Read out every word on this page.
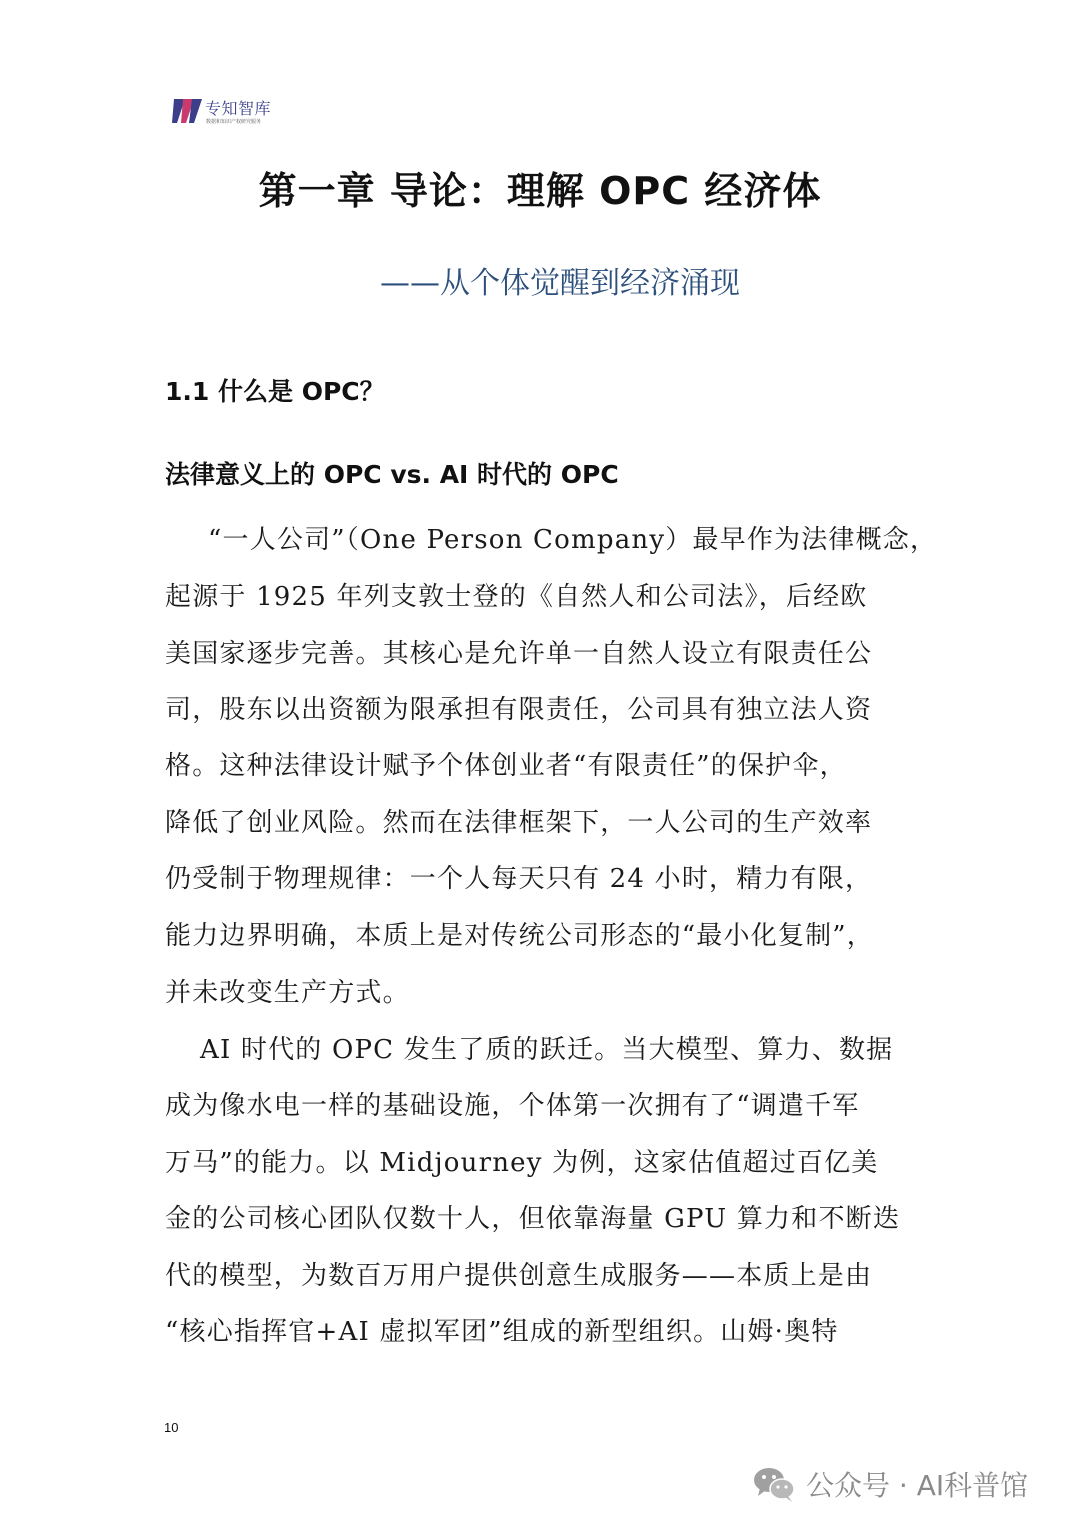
专知智库
数据和知识产权研究服务
第一章 导论：理解 OPC 经济体
——从个体觉醒到经济涌现
1.1 什么是 OPC？
法律意义上的 OPC vs. AI 时代的 OPC
“一人公司”（One Person Company）最早作为法律概念，
起源于 1925 年列支敦士登的《自然人和公司法》，后经欧
美国家逐步完善。其核心是允许单一自然人设立有限责任公
司，股东以出资额为限承担有限责任，公司具有独立法人资
格。这种法律设计赋予个体创业者“有限责任”的保护伞，
降低了创业风险。然而在法律框架下，一人公司的生产效率
仍受制于物理规律：一个人每天只有 24 小时，精力有限，
能力边界明确，本质上是对传统公司形态的“最小化复制”，
并未改变生产方式。
AI 时代的 OPC 发生了质的跃迁。当大模型、算力、数据
成为像水电一样的基础设施，个体第一次拥有了“调遣千军
万马”的能力。以 Midjourney 为例，这家估值超过百亿美
金的公司核心团队仅数十人，但依靠海量 GPU 算力和不断迭
代的模型，为数百万用户提供创意生成服务——本质上是由
“核心指挥官+AI 虚拟军团”组成的新型组织。山姆·奥特
10
公众号 · AI科普馆
